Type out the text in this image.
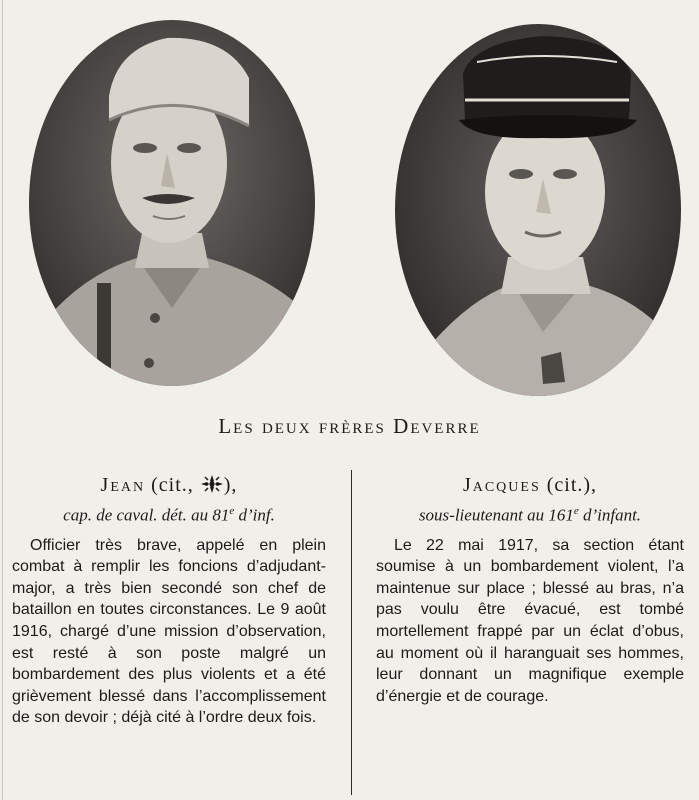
Les deux frères Deverre
Jean (cit., ),
cap. de caval. dét. au 81e d’inf.
Officier très brave, appelé en plein combat à remplir les foncions d’adjudant-major, a très bien secondé son chef de bataillon en toutes circonstances. Le 9 août 1916, chargé d’une mission d’observation, est resté à son poste malgré un bombardement des plus violents et a été grièvement blessé dans l’accomplissement de son devoir ; déjà cité à l’ordre deux fois.
Jacques (cit.),
sous-lieutenant au 161e d’infant.
Le 22 mai 1917, sa section étant soumise à un bombardement violent, l’a maintenue sur place ; blessé au bras, n’a pas voulu être évacué, est tombé mortellement frappé par un éclat d’obus, au moment où il haranguait ses hommes, leur donnant un magnifique exemple d’énergie et de courage.
